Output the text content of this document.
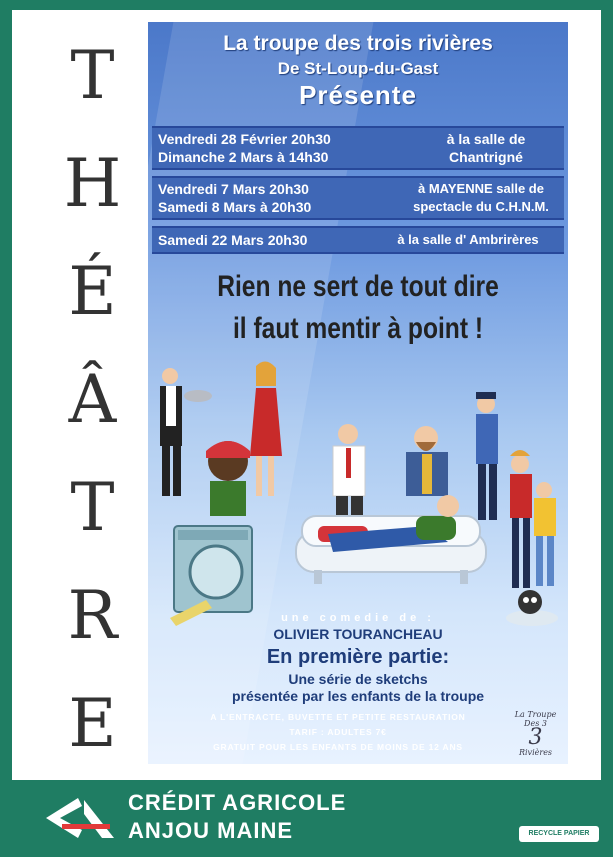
T
H
É
Â
T
R
E
La troupe des trois rivières
De St-Loup-du-Gast
Présente
Vendredi 28 Février 20h30
Dimanche 2 Mars à 14h30
à la salle de
Chantrigné
Vendredi 7 Mars 20h30
Samedi 8 Mars à 20h30
à MAYENNE salle de
spectacle du C.H.N.M.
Samedi 22 Mars 20h30	à la salle d' Ambrirères
Rien ne sert de tout dire
il faut mentir à point !
une comedie de :
OLIVIER TOURANCHEAU
En première partie:
Une série de sketchs
présentée par les enfants de la troupe
A L'ENTRACTE, BUVETTE ET PETITE RESTAURATION
TARIF : ADULTES 7€
GRATUIT POUR LES ENFANTS DE MOINS DE 12 ANS
La Troupe
Des 3
3
Rivières
CRÉDIT AGRICOLE
ANJOU MAINE	RECYCLE PAPIER
